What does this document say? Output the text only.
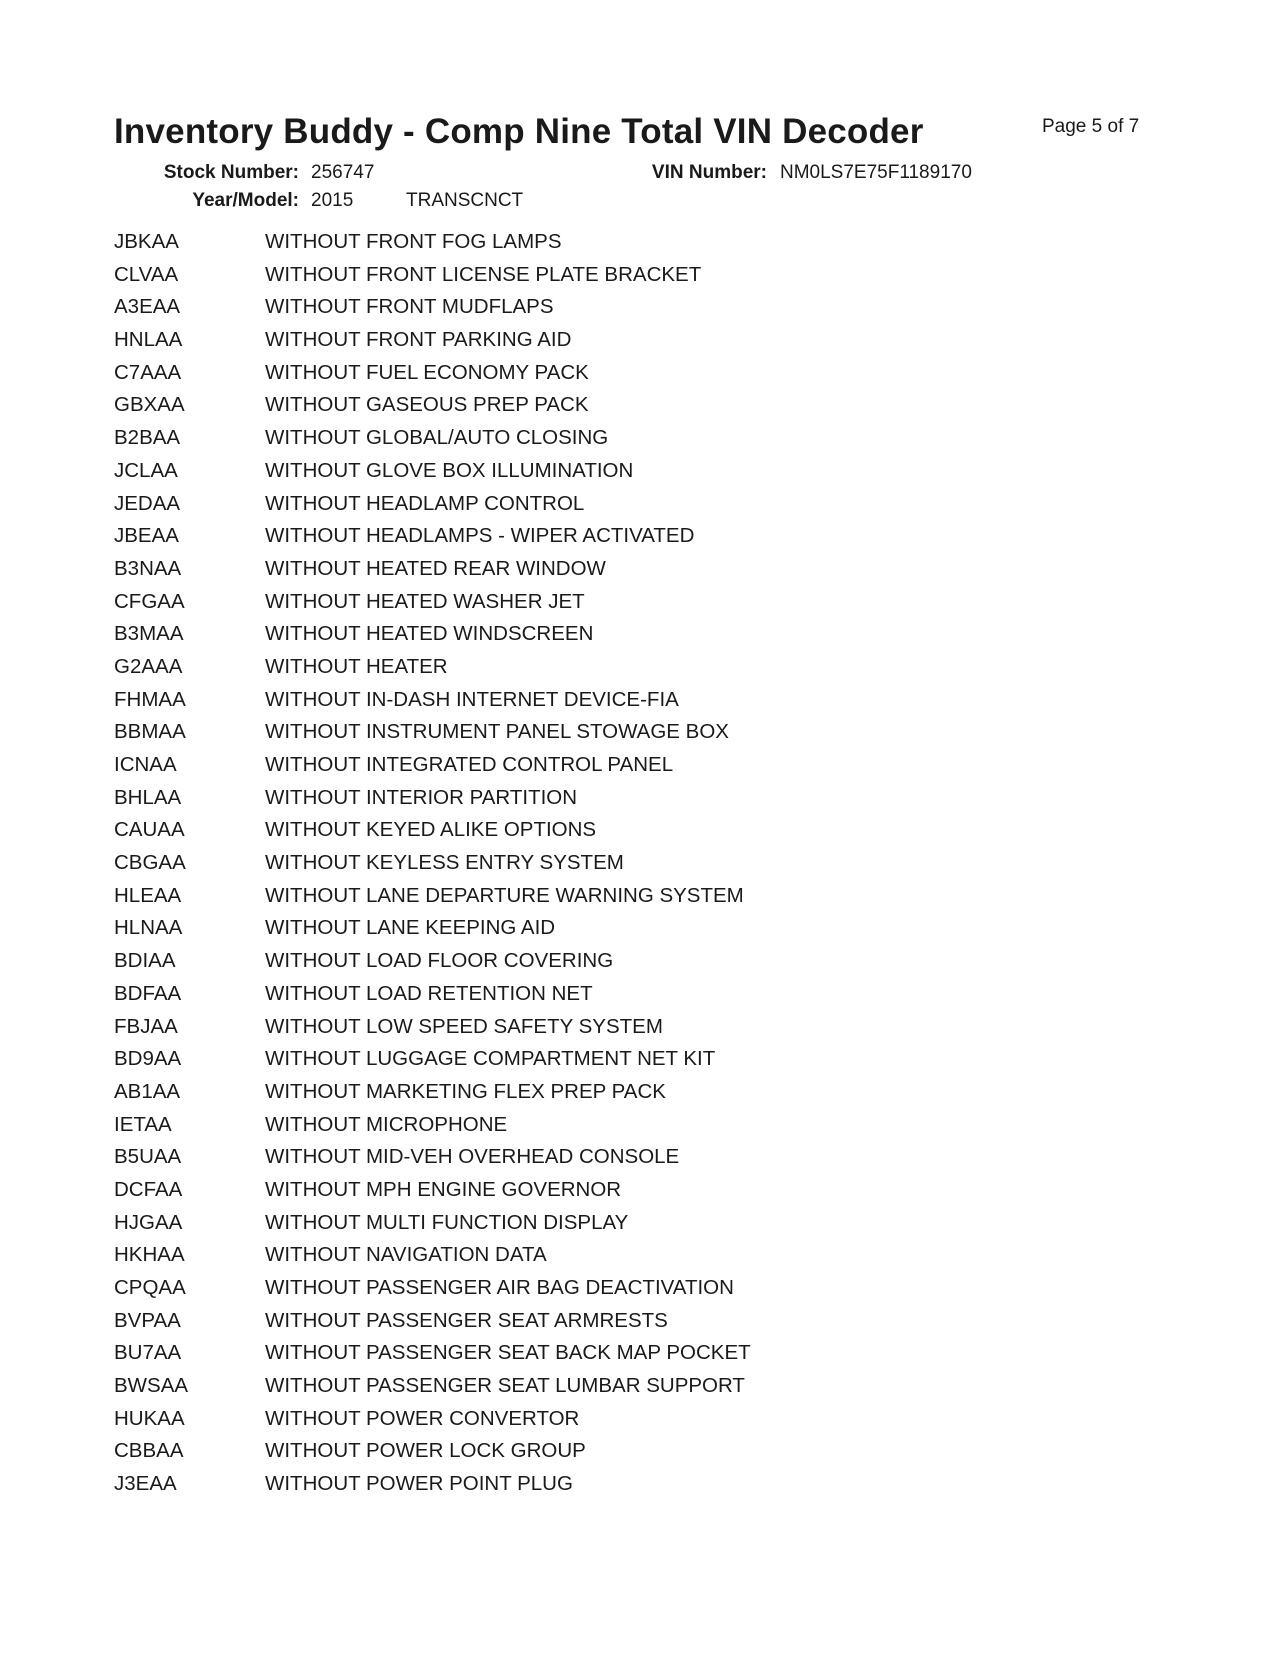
Inventory Buddy - Comp Nine Total VIN Decoder	Page 5 of 7
Stock Number: 256747	VIN Number: NM0LS7E75F1189170
Year/Model: 2015	TRANSCNCT
JBKAA	WITHOUT FRONT FOG LAMPS
CLVAA	WITHOUT FRONT LICENSE PLATE BRACKET
A3EAA	WITHOUT FRONT MUDFLAPS
HNLAA	WITHOUT FRONT PARKING AID
C7AAA	WITHOUT FUEL ECONOMY PACK
GBXAA	WITHOUT GASEOUS PREP PACK
B2BAA	WITHOUT GLOBAL/AUTO CLOSING
JCLAA	WITHOUT GLOVE BOX ILLUMINATION
JEDAA	WITHOUT HEADLAMP CONTROL
JBEAA	WITHOUT HEADLAMPS - WIPER ACTIVATED
B3NAA	WITHOUT HEATED REAR WINDOW
CFGAA	WITHOUT HEATED WASHER JET
B3MAA	WITHOUT HEATED WINDSCREEN
G2AAA	WITHOUT HEATER
FHMAA	WITHOUT IN-DASH INTERNET DEVICE-FIA
BBMAA	WITHOUT INSTRUMENT PANEL STOWAGE BOX
ICNAA	WITHOUT INTEGRATED CONTROL PANEL
BHLAA	WITHOUT INTERIOR PARTITION
CAUAA	WITHOUT KEYED ALIKE OPTIONS
CBGAA	WITHOUT KEYLESS ENTRY SYSTEM
HLEAA	WITHOUT LANE DEPARTURE WARNING SYSTEM
HLNAA	WITHOUT LANE KEEPING AID
BDIAA	WITHOUT LOAD FLOOR COVERING
BDFAA	WITHOUT LOAD RETENTION NET
FBJAA	WITHOUT LOW SPEED SAFETY SYSTEM
BD9AA	WITHOUT LUGGAGE COMPARTMENT NET KIT
AB1AA	WITHOUT MARKETING FLEX PREP PACK
IETAA	WITHOUT MICROPHONE
B5UAA	WITHOUT MID-VEH OVERHEAD CONSOLE
DCFAA	WITHOUT MPH ENGINE GOVERNOR
HJGAA	WITHOUT MULTI FUNCTION DISPLAY
HKHAA	WITHOUT NAVIGATION DATA
CPQAA	WITHOUT PASSENGER AIR BAG DEACTIVATION
BVPAA	WITHOUT PASSENGER SEAT ARMRESTS
BU7AA	WITHOUT PASSENGER SEAT BACK MAP POCKET
BWSAA	WITHOUT PASSENGER SEAT LUMBAR SUPPORT
HUKAA	WITHOUT POWER CONVERTOR
CBBAA	WITHOUT POWER LOCK GROUP
J3EAA	WITHOUT POWER POINT PLUG
